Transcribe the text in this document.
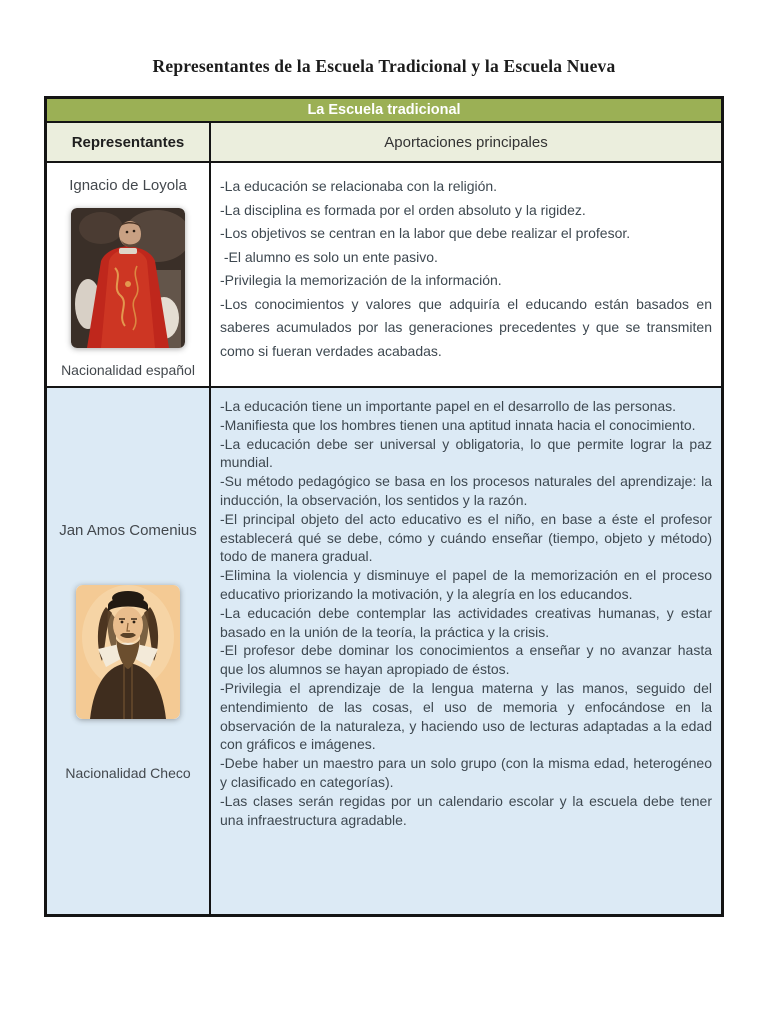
Representantes de la Escuela Tradicional y la Escuela Nueva
La Escuela tradicional
Representantes	Aportaciones principales
Ignacio de Loyola
Nacionalidad español

-La educación se relacionaba con la religión.

-La disciplina es formada por el orden absoluto y la rigidez.

-Los objetivos se centran en la labor que debe realizar el profesor.

-El alumno es solo un ente pasivo.

-Privilegia la memorización de la información.

-Los conocimientos y valores que adquiría el educando están basados en saberes acumulados por las generaciones precedentes y que se transmiten como si fueran verdades acabadas.

Jan Amos Comenius
Nacionalidad Checo

-La educación tiene un importante papel en el desarrollo de las personas.

-Manifiesta que los hombres tienen una aptitud innata hacia el conocimiento.

-La educación debe ser universal y obligatoria, lo que permite lograr la paz mundial.

-Su método pedagógico se basa en los procesos naturales del aprendizaje: la inducción, la observación, los sentidos y la razón.

-El principal objeto del acto educativo es el niño, en base a éste el profesor establecerá qué se debe, cómo y cuándo enseñar (tiempo, objeto y método) todo de manera gradual.

-Elimina la violencia y disminuye el papel de la memorización en el proceso educativo priorizando la motivación, y la alegría en los educandos.

-La educación debe contemplar las actividades creativas humanas, y estar basado en la unión de la teoría, la práctica y la crisis.

-El profesor debe dominar los conocimientos a enseñar y no avanzar hasta que los alumnos se hayan apropiado de éstos.

-Privilegia el aprendizaje de la lengua materna y las manos, seguido del entendimiento de las cosas, el uso de memoria y enfocándose en la observación de la naturaleza, y haciendo uso de lecturas adaptadas a la edad con gráficos e imágenes.

-Debe haber un maestro para un solo grupo (con la misma edad, heterogéneo y clasificado en categorías).

-Las clases serán regidas por un calendario escolar y la escuela debe tener una infraestructura agradable.
